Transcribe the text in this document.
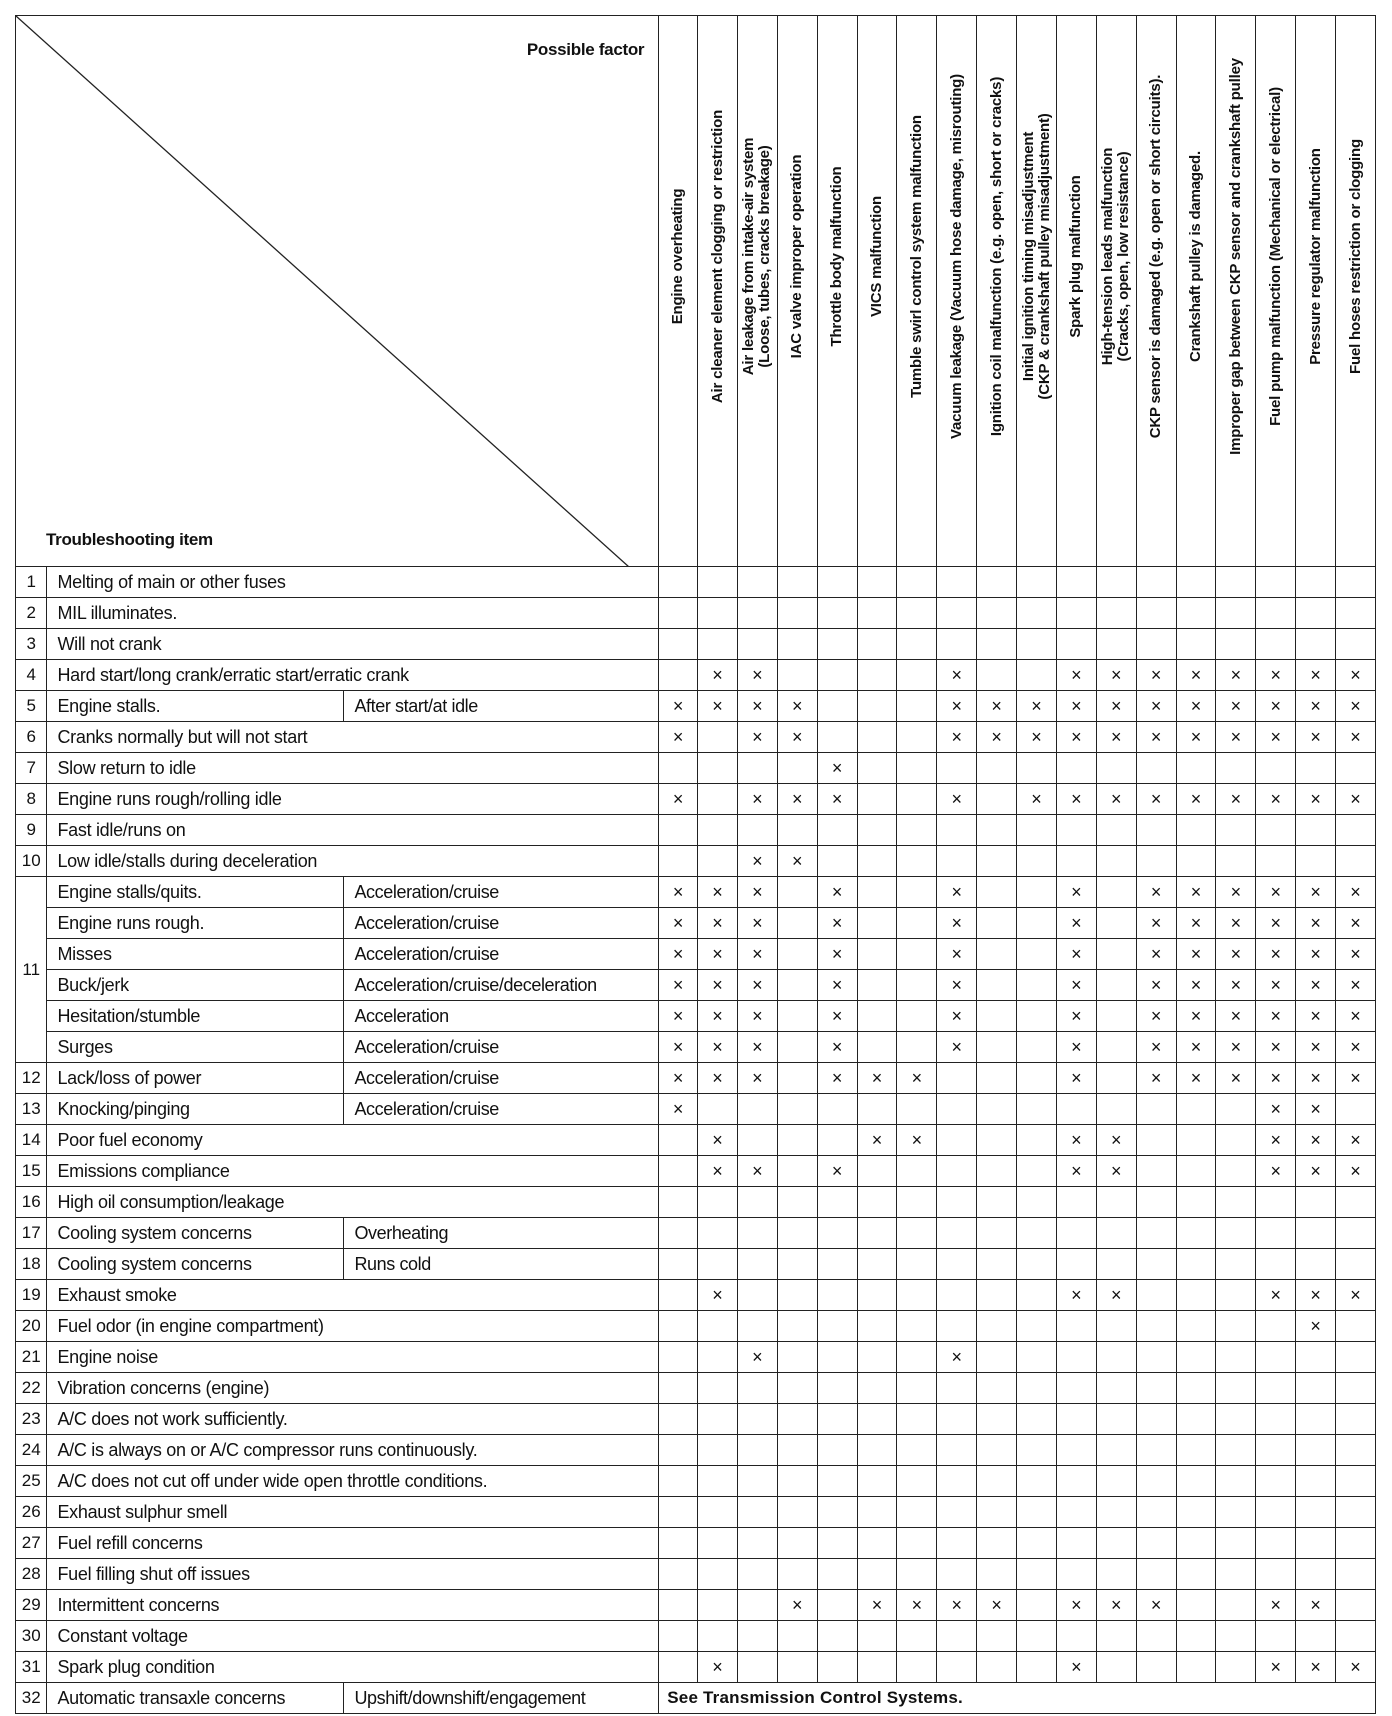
Possible factor
Troubleshooting item			Engine overheating	Air cleaner element clogging or restriction	Air leakage from intake-air system (Loose, tubes, cracks breakage)	IAC valve improper operation	Throttle body malfunction	VICS malfunction	Tumble swirl control system malfunction	Vacuum leakage (Vacuum hose damage, misrouting)	Ignition coil malfunction (e.g. open, short or cracks)	Initial ignition timing misadjustment (CKP & crankshaft pulley misadjustment)	Spark plug malfunction	High-tension leads malfunction (Cracks, open, low resistance)	CKP sensor is damaged (e.g. open or short circuits).	Crankshaft pulley is damaged.	Improper gap between CKP sensor and crankshaft pulley	Fuel pump malfunction (Mechanical or electrical)	Pressure regulator malfunction	Fuel hoses restriction or clogging

1	Melting of main or other fuses																			
2	MIL illuminates.																			
3	Will not crank																			
4	Hard start/long crank/erratic start/erratic crank			×	×					×			×	×	×	×	×	×	×	×
5	Engine stalls.	After start/at idle	×	×	×	×				×	×	×	×	×	×	×	×	×	×	×
6	Cranks normally but will not start		×		×	×				×	×	×	×	×	×	×	×	×	×	×
7	Slow return to idle						×													
8	Engine runs rough/rolling idle		×		×	×	×			×		×	×	×	×	×	×	×	×	×
9	Fast idle/runs on																			
10	Low idle/stalls during deceleration				×	×														
11	Engine stalls/quits.	Acceleration/cruise	×	×	×		×			×			×		×	×	×	×	×	×
	Engine runs rough.	Acceleration/cruise	×	×	×		×			×			×		×	×	×	×	×	×
	Misses	Acceleration/cruise	×	×	×		×			×			×		×	×	×	×	×	×
	Buck/jerk	Acceleration/cruise/deceleration	×	×	×		×			×			×		×	×	×	×	×	×
	Hesitation/stumble	Acceleration	×	×	×		×			×			×		×	×	×	×	×	×
	Surges	Acceleration/cruise	×	×	×		×			×			×		×	×	×	×	×	×
12	Lack/loss of power	Acceleration/cruise	×	×	×		×	×	×				×		×	×	×	×	×	×
13	Knocking/pinging	Acceleration/cruise	×															×	×	
14	Poor fuel economy			×				×	×				×	×				×	×	×
15	Emissions compliance			×	×		×						×	×				×	×	×
16	High oil consumption/leakage																			
17	Cooling system concerns	Overheating																		
18	Cooling system concerns	Runs cold																		
19	Exhaust smoke			×									×	×				×	×	×
20	Fuel odor (in engine compartment)																		×	
21	Engine noise				×					×										
22	Vibration concerns (engine)																			
23	A/C does not work sufficiently.																			
24	A/C is always on or A/C compressor runs continuously.																			
25	A/C does not cut off under wide open throttle conditions.																			
26	Exhaust sulphur smell																			
27	Fuel refill concerns																			
28	Fuel filling shut off issues																			
29	Intermittent concerns					×		×	×	×	×		×	×	×			×	×	
30	Constant voltage																			
31	Spark plug condition			×									×					×	×	×
32	Automatic transaxle concerns	Upshift/downshift/engagement	See Transmission Control Systems.																	
